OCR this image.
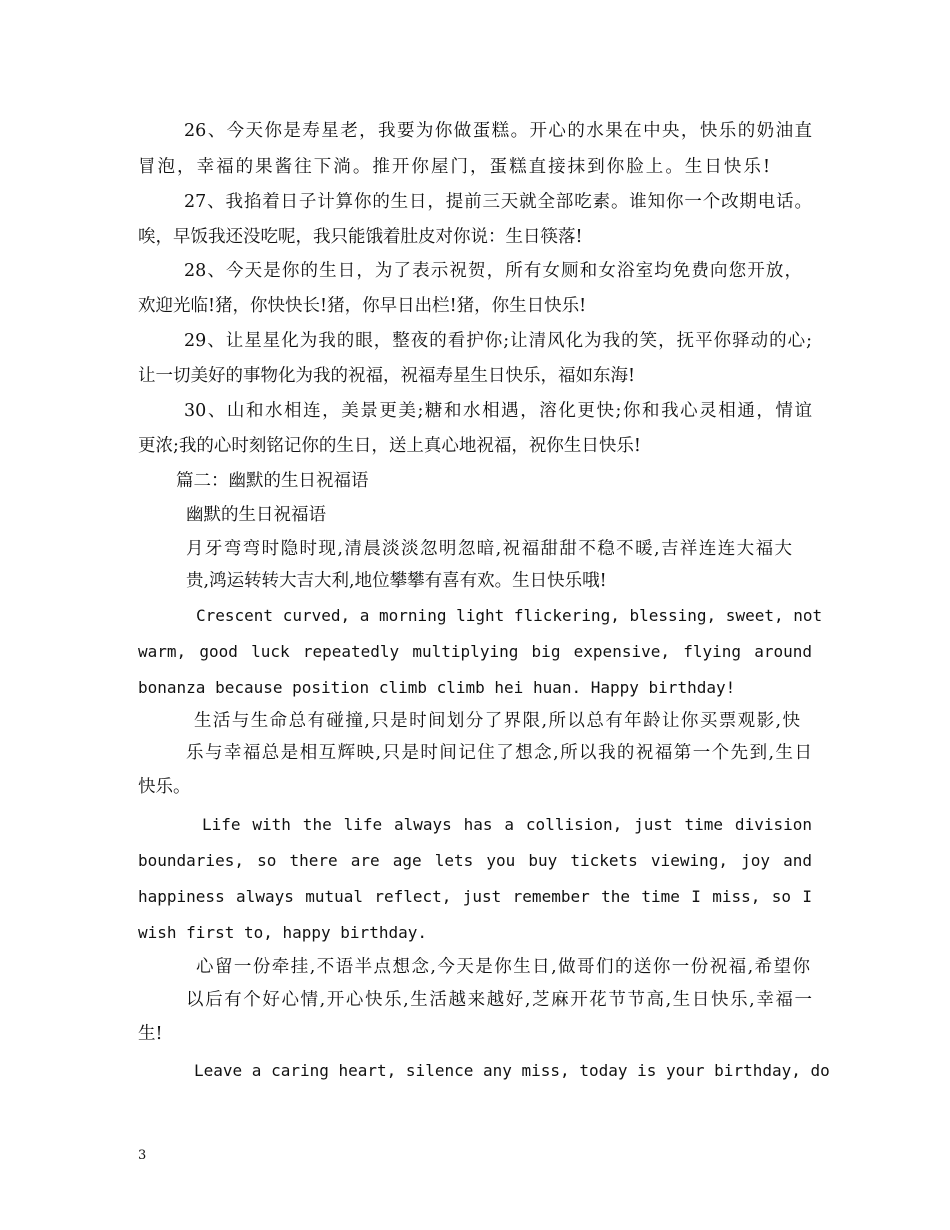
26、今天你是寿星老，我要为你做蛋糕。开心的水果在中央，快乐的奶油直
冒泡，幸福的果酱往下淌。推开你屋门，蛋糕直接抹到你脸上。生日快乐!
27、我掐着日子计算你的生日，提前三天就全部吃素。谁知你一个改期电话。
唉，早饭我还没吃呢，我只能饿着肚皮对你说：生日筷落!
28、今天是你的生日，为了表示祝贺，所有女厕和女浴室均免费向您开放，
欢迎光临!猪，你快快长!猪，你早日出栏!猪，你生日快乐!
29、让星星化为我的眼，整夜的看护你;让清风化为我的笑，抚平你驿动的心;
让一切美好的事物化为我的祝福，祝福寿星生日快乐，福如东海!
30、山和水相连，美景更美;糖和水相遇，溶化更快;你和我心灵相通，情谊
更浓;我的心时刻铭记你的生日，送上真心地祝福，祝你生日快乐!
篇二：幽默的生日祝福语
幽默的生日祝福语
月牙弯弯时隐时现,清晨淡淡忽明忽暗,祝福甜甜不稳不暖,吉祥连连大福大
贵,鸿运转转大吉大利,地位攀攀有喜有欢。生日快乐哦!
Crescent curved, a morning light flickering, blessing, sweet, not
warm, good luck repeatedly multiplying big expensive, flying around
bonanza because position climb climb hei huan. Happy birthday!
生活与生命总有碰撞,只是时间划分了界限,所以总有年龄让你买票观影,快
乐与幸福总是相互辉映,只是时间记住了想念,所以我的祝福第一个先到,生日
快乐。
Life with the life always has a collision, just time division
boundaries, so there are age lets you buy tickets viewing, joy and
happiness always mutual reflect, just remember the time I miss, so I
wish first to, happy birthday.
心留一份牵挂,不语半点想念,今天是你生日,做哥们的送你一份祝福,希望你
以后有个好心情,开心快乐,生活越来越好,芝麻开花节节高,生日快乐,幸福一
生!
Leave a caring heart, silence any miss, today is your birthday, do
3
